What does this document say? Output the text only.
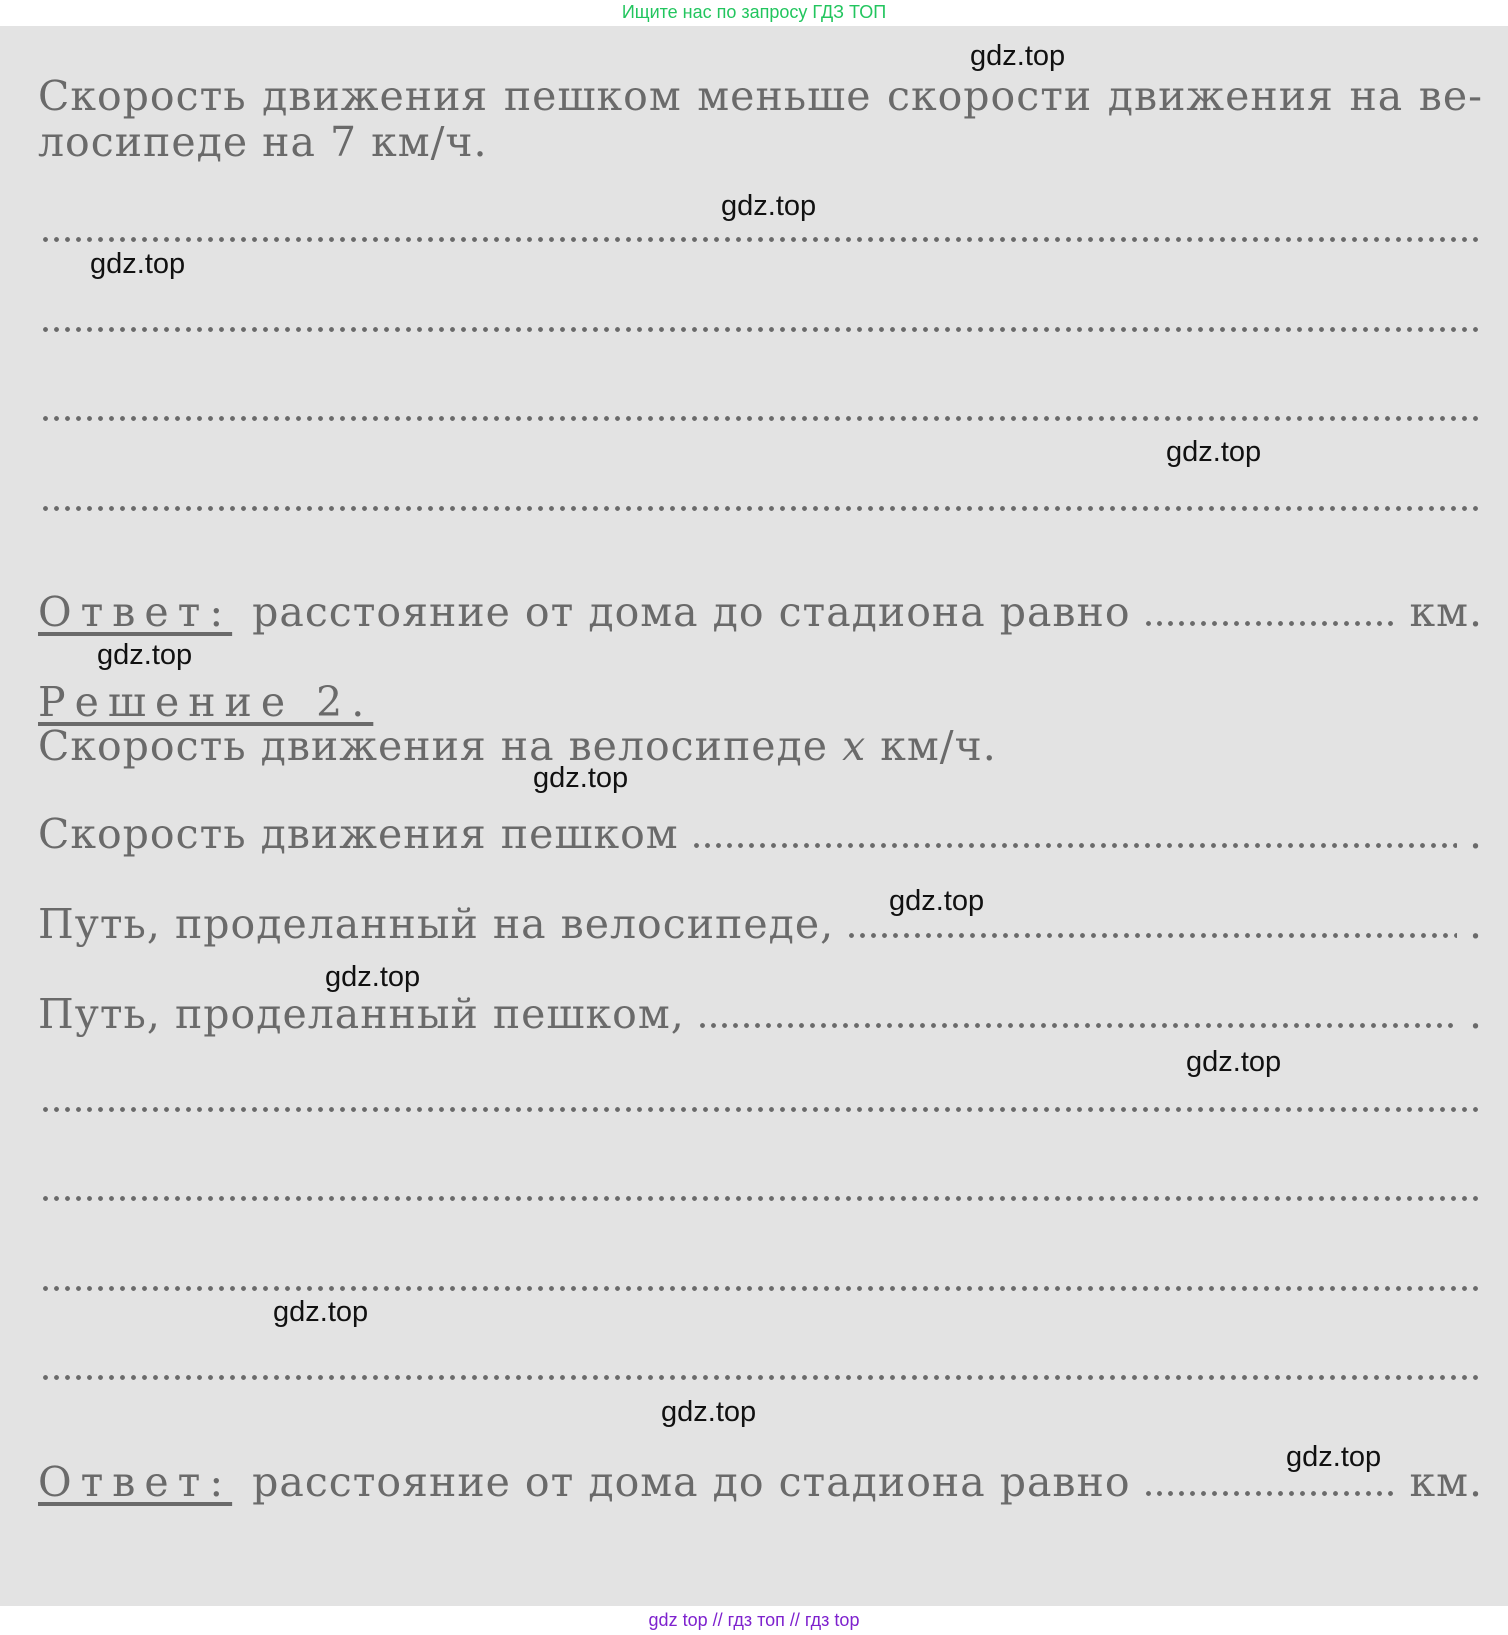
Ищите нас по запросу ГДЗ ТОП
Скорость движения пешком меньше скорости движения на ве-
лосипеде на 7 км/ч.
Ответ: расстояние от дома до стадиона равно	км.
Решение 2.
Скорость движения на велосипеде x км/ч.
Скорость движения пешком	.
Путь, проделанный на велосипеде,	.
Путь, проделанный пешком,	.
Ответ: расстояние от дома до стадиона равно	км.
gdz.top
gdz.top
gdz.top
gdz.top
gdz.top
gdz.top
gdz.top
gdz.top
gdz.top
gdz.top
gdz.top
gdz.top
gdz top // гдз топ // гдз top
